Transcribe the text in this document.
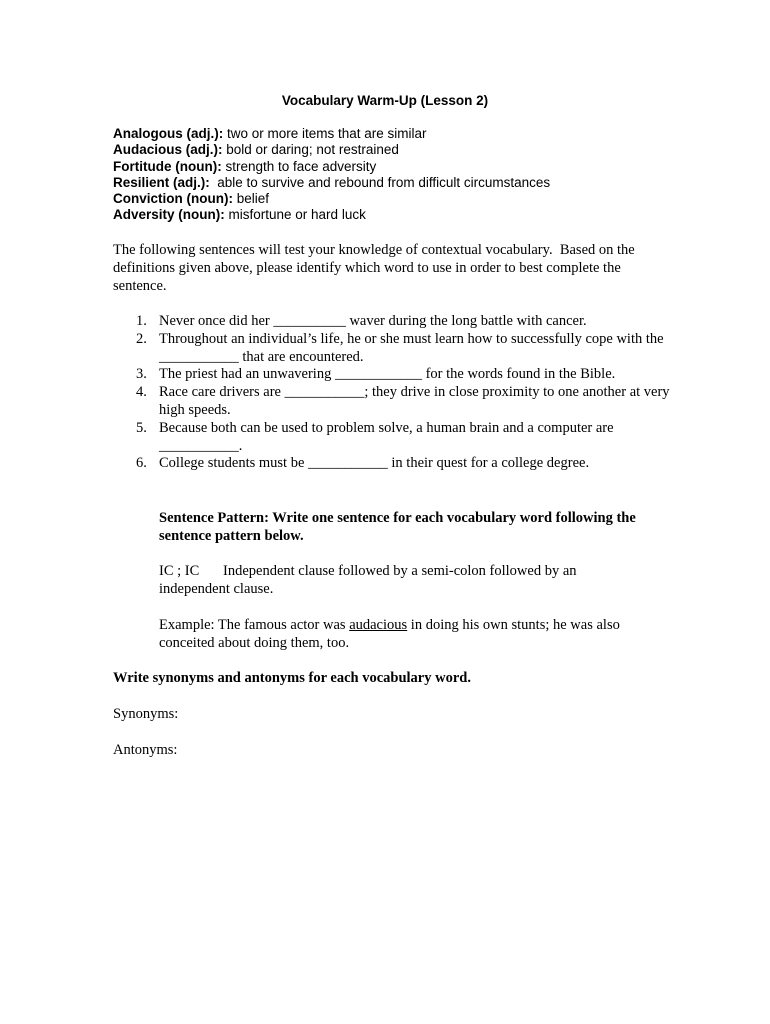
Vocabulary Warm-Up (Lesson 2)
Analogous (adj.): two or more items that are similar
Audacious (adj.): bold or daring; not restrained
Fortitude (noun): strength to face adversity
Resilient (adj.):  able to survive and rebound from difficult circumstances
Conviction (noun): belief
Adversity (noun): misfortune or hard luck
The following sentences will test your knowledge of contextual vocabulary.  Based on the definitions given above, please identify which word to use in order to best complete the sentence.
1. Never once did her __________ waver during the long battle with cancer.
2. Throughout an individual’s life, he or she must learn how to successfully cope with the ___________ that are encountered.
3. The priest had an unwavering ____________ for the words found in the Bible.
4. Race care drivers are ___________; they drive in close proximity to one another at very high speeds.
5. Because both can be used to problem solve, a human brain and a computer are ___________.
6. College students must be ___________ in their quest for a college degree.
Sentence Pattern: Write one sentence for each vocabulary word following the sentence pattern below.
IC ; IC Independent clause followed by a semi-colon followed by an independent clause.
Example: The famous actor was audacious in doing his own stunts; he was also conceited about doing them, too.
Write synonyms and antonyms for each vocabulary word.
Synonyms:
Antonyms:
